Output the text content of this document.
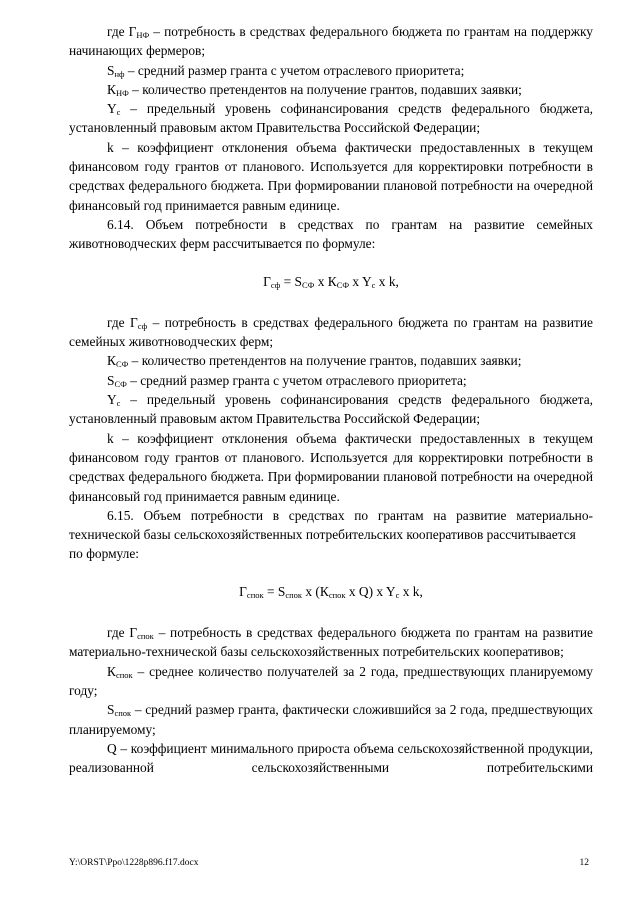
где $Г_{НФ}$ – потребность в средствах федерального бюджета по грантам на поддержку начинающих фермеров;

$S_{нф}$ – средний размер гранта с учетом отраслевого приоритета;

$К_{НФ}$ – количество претендентов на получение грантов, подавших заявки;

$Y_c$ – предельный уровень софинансирования средств федерального бюджета, установленный правовым актом Правительства Российской Федерации;

k – коэффициент отклонения объема фактически предоставленных в текущем финансовом году грантов от планового. Используется для корректировки потребности в средствах федерального бюджета. При формировании плановой потребности на очередной финансовый год принимается равным единице.

6.14. Объем потребности в средствах по грантам на развитие семейных животноводческих ферм рассчитывается по формуле:

$Г_{сф} = S_{СФ}$ x $К_{СФ}$ x $Y_c$ x k,

где $Г_{сф}$ – потребность в средствах федерального бюджета по грантам на развитие семейных животноводческих ферм;

$К_{СФ}$ – количество претендентов на получение грантов, подавших заявки;

$S_{СФ}$ – средний размер гранта с учетом отраслевого приоритета;

$Y_c$ – предельный уровень софинансирования средств федерального бюджета, установленный правовым актом Правительства Российской Федерации;

k – коэффициент отклонения объема фактически предоставленных в текущем финансовом году грантов от планового. Используется для корректировки потребности в средствах федерального бюджета. При формировании плановой потребности на очередной финансовый год принимается равным единице.

6.15. Объем потребности в средствах по грантам на развитие материально-технической базы сельскохозяйственных потребительских кооперативов рассчитывается

по формуле:

$Г_{спок} = S_{спок}$ x ($К_{спок}$ x Q) x $Y_c$ x k,

где $Г_{спок}$ – потребность в средствах федерального бюджета по грантам на развитие материально-технической базы сельскохозяйственных потребительских кооперативов;

$К_{спок}$ – среднее количество получателей за 2 года, предшествующих планируемому году;

$S_{спок}$ – средний размер гранта, фактически сложившийся за 2 года, предшествующих планируемому;

Q – коэффициент минимального прироста объема сельскохозяйственной продукции, реализованной сельскохозяйственными потребительскими

Y:\ORST\Ppo\1228p896.f17.docx	12
